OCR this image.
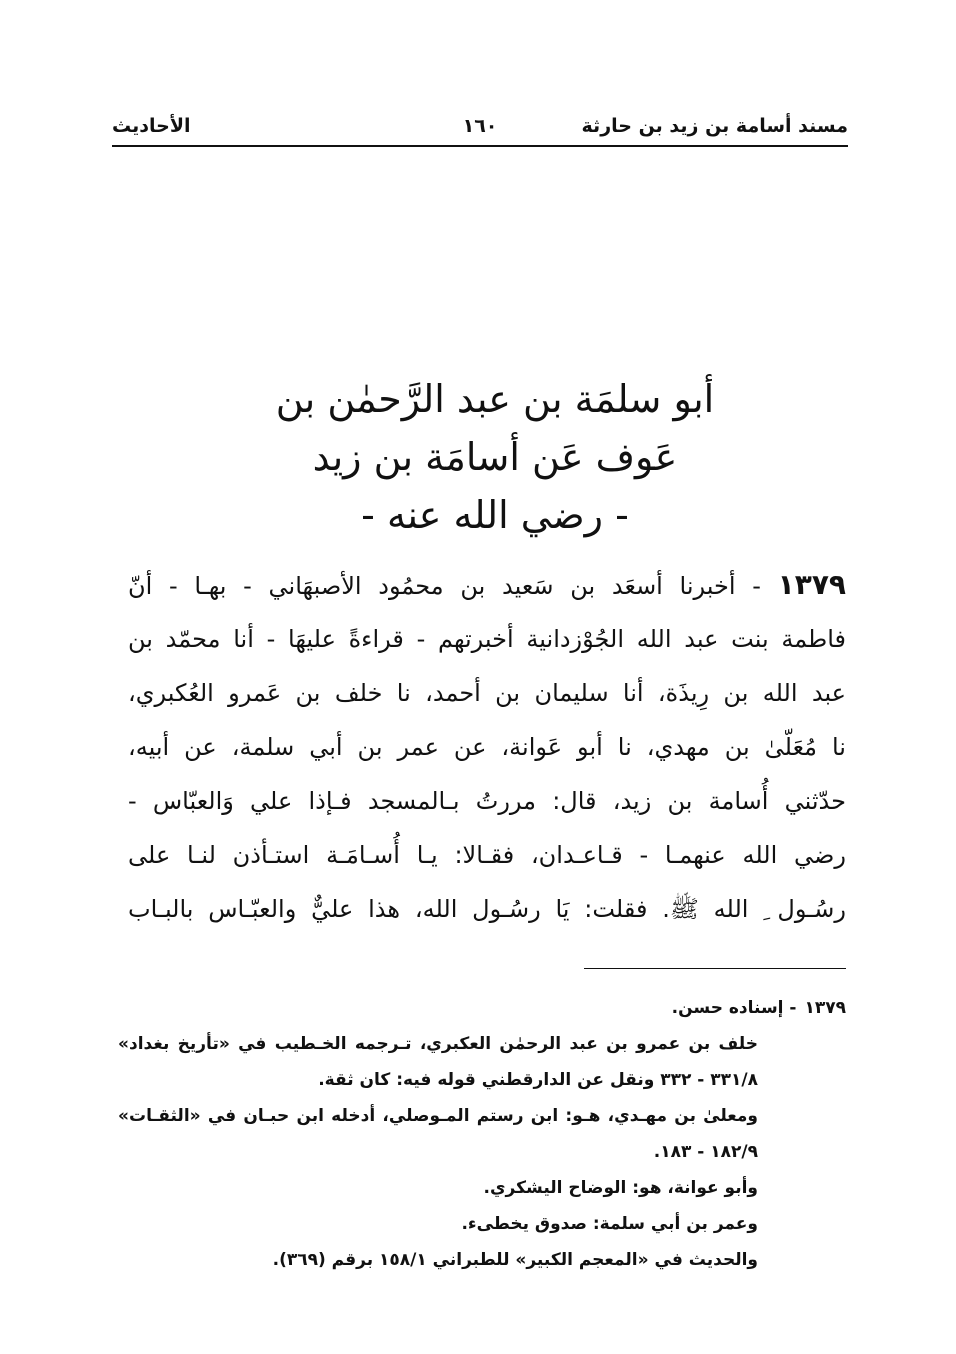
مسند أسامة بن زيد بن حارثة
١٦٠
الأحاديث
أبو سلمَة بن عبد الرَّحمٰن بن
عَوف عَن أسامَة بن زيد
- رضي الله عنه -
١٣٧٩ - أخبرنا أسعَد بن سَعيد بن محمُود الأصبهَاني - بهـا - أنّ
فاطمة بنت عبد الله الجُوْزدانية أخبرتهم - قراءةً عليهَا - أنا محمّد بن
عبد الله بن رِيذَة، أنا سليمان بن أحمد، نا خلف بن عَمرو العُكبري،
نا مُعَلّىٰ بن مهدي، نا أبو عَوانة، عن عمر بن أبي سلمة، عن أبيه،
حدّثني أُسامة بن زيد، قال: مررتُ بـالمسجد فـإذا علي وَالعبّاس -
رضي الله عنهمـا - قـاعـدان، فقـالا: يـا أُسـامَـة استـأذن لنـا على
رسُـول ِ الله ﷺ. فقلت: يَا رسُـول الله، هذا عليٌّ والعبّـاس بالبـاب
١٣٧٩- إسناده حسن.
خلف بن عمرو بن عبد الرحمٰن العكبري، تـرجمه الخـطيب في «تأريخ بغداد»
٣٣١/٨ - ٣٣٢ ونقل عن الدارقطني قوله فيه: كان ثقة.
ومعلىٰ بن مهـدي، هـو: ابن رستم المـوصلي، أدخله ابن حبـان في «الثقـات»
١٨٢/٩ - ١٨٣.
وأبو عوانة، هو: الوضاح اليشكري.
وعمر بن أبي سلمة: صدوق يخطىء.
والحديث في «المعجم الكبير» للطبراني ١٥٨/١ برقم (٣٦٩).
